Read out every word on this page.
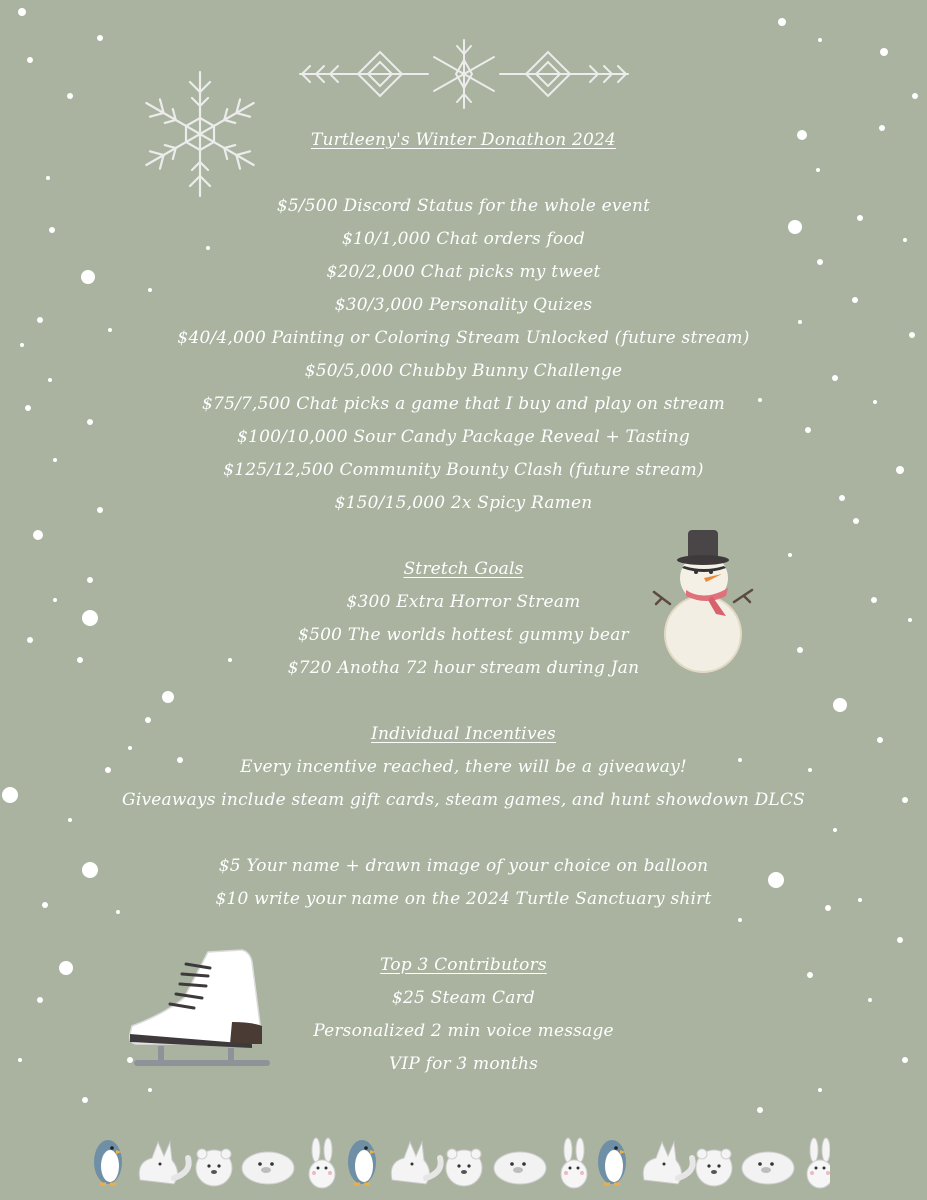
Turtleeny's Winter Donathon 2024
$5/500 Discord Status for the whole event
$10/1,000 Chat orders food
$20/2,000 Chat picks my tweet
$30/3,000 Personality Quizes
$40/4,000 Painting or Coloring Stream Unlocked (future stream)
$50/5,000 Chubby Bunny Challenge
$75/7,500 Chat picks a game that I buy and play on stream
$100/10,000 Sour Candy Package Reveal + Tasting
$125/12,500 Community Bounty Clash (future stream)
$150/15,000 2x Spicy Ramen
Stretch Goals
$300 Extra Horror Stream
$500 The worlds hottest gummy bear
$720 Anotha 72 hour stream during Jan
Individual Incentives
Every incentive reached, there will be a giveaway!
Giveaways include steam gift cards, steam games, and hunt showdown DLCS
$5 Your name + drawn image of your choice on balloon
$10 write your name on the 2024 Turtle Sanctuary shirt
Top 3 Contributors
$25 Steam Card
Personalized 2 min voice message
VIP for 3 months
